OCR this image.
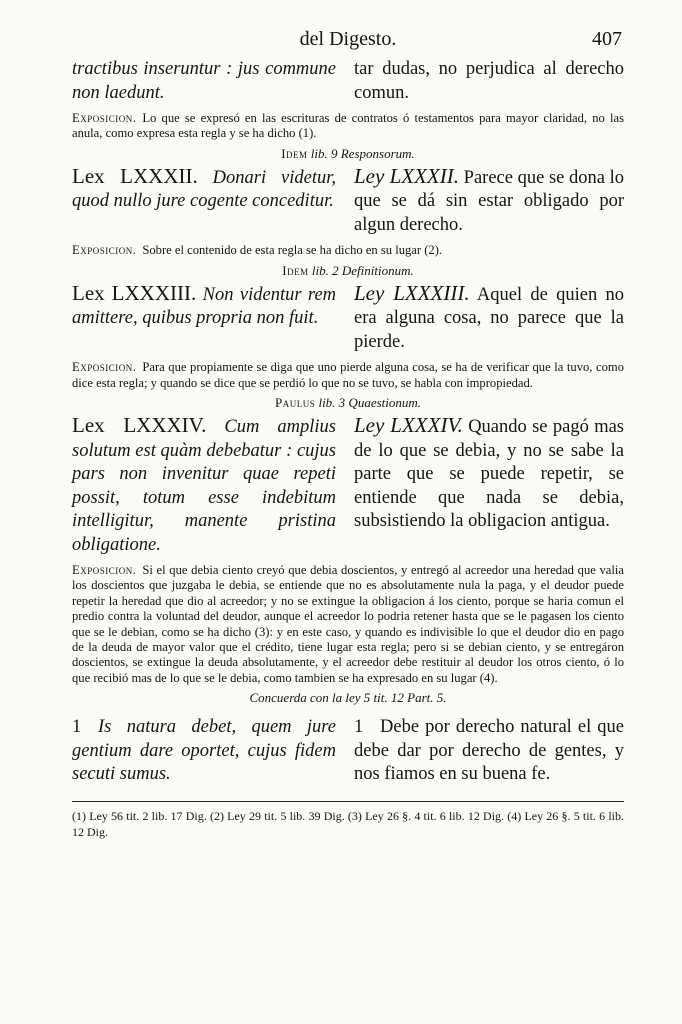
del Digesto.	407
tractibus inseruntur : jus commune non laedunt.
tar dudas, no perjudica al derecho comun.
Exposicion. Lo que se expresó en las escrituras de contratos ó testamentos para mayor claridad, no las anula, como expresa esta regla y se ha dicho (1).
Idem lib. 9 Responsorum.
Lex LXXXII. Donari videtur, quod nullo jure cogente conceditur.
Ley LXXXII. Parece que se dona lo que se dá sin estar obligado por algun derecho.
Exposicion. Sobre el contenido de esta regla se ha dicho en su lugar (2).
Idem lib. 2 Definitionum.
Lex LXXXIII. Non videntur rem amittere, quibus propria non fuit.
Ley LXXXIII. Aquel de quien no era alguna cosa, no parece que la pierde.
Exposicion. Para que propiamente se diga que uno pierde alguna cosa, se ha de verificar que la tuvo, como dice esta regla; y quando se dice que se perdió lo que no se tuvo, se habla con impropiedad.
Paulus lib. 3 Quaestionum.
Lex LXXXIV. Cum amplius solutum est quàm debebatur : cujus pars non invenitur quae repeti possit, totum esse indebitum intelligitur, manente pristina obligatione.
Ley LXXXIV. Quando se pagó mas de lo que se debia, y no se sabe la parte que se puede repetir, se entiende que nada se debia, subsistiendo la obligacion antigua.
Exposicion. Si el que debia ciento creyó que debia doscientos, y entregó al acreedor una heredad que valia los doscientos que juzgaba le debia, se entiende que no es absolutamente nula la paga, y el deudor puede repetir la heredad que dio al acreedor; y no se extingue la obligacion á los ciento, porque se haria comun el predio contra la voluntad del deudor, aunque el acreedor lo podria retener hasta que se le pagasen los ciento que se le debian, como se ha dicho (3): y en este caso, y quando es indivisible lo que el deudor dio en pago de la deuda de mayor valor que el crédito, tiene lugar esta regla; pero si se debian ciento, y se entregáron doscientos, se extingue la deuda absolutamente, y el acreedor debe restituir al deudor los otros ciento, ó lo que recibió mas de lo que se le debia, como tambien se ha expresado en su lugar (4).
Concuerda con la ley 5 tit. 12 Part. 5.
1 Is natura debet, quem jure gentium dare oportet, cujus fidem secuti sumus.
1 Debe por derecho natural el que debe dar por derecho de gentes, y nos fiamos en su buena fe.
(1) Ley 56 tit. 2 lib. 17 Dig. (2) Ley 29 tit. 5 lib. 39 Dig. (3) Ley 26 §. 4 tit. 6 lib. 12 Dig. (4) Ley 26 §. 5 tit. 6 lib. 12 Dig.
